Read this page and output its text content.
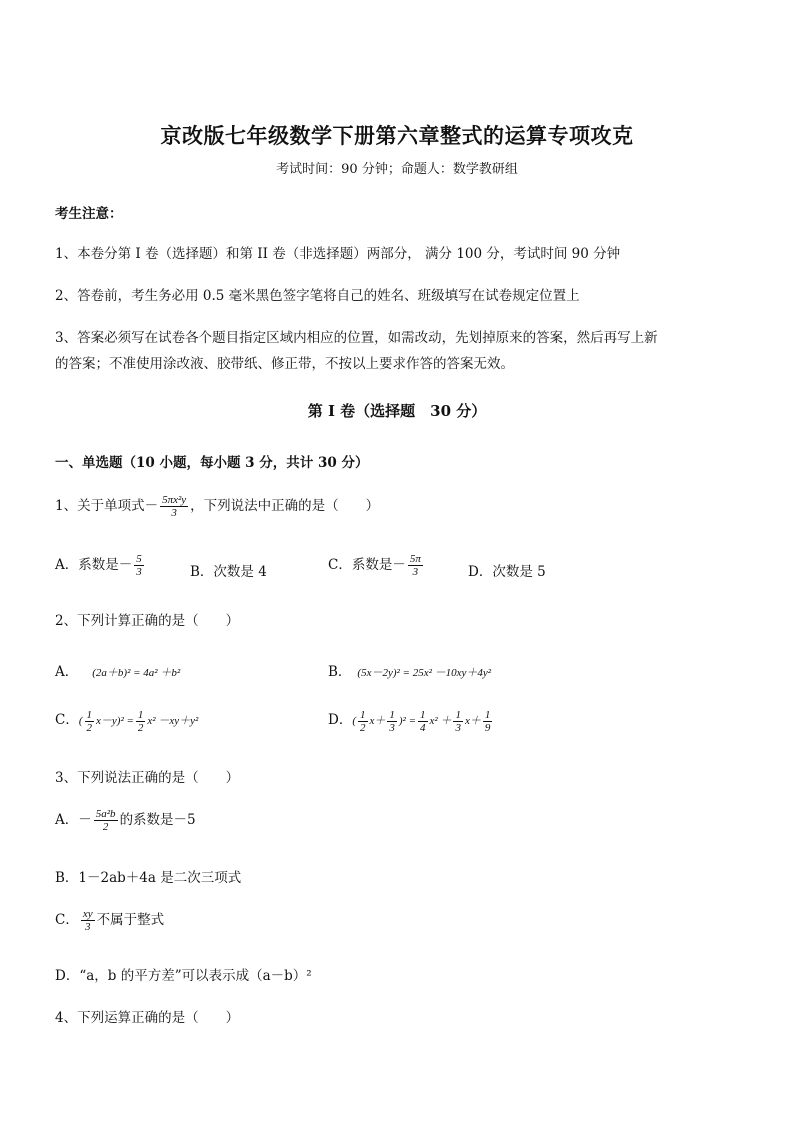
京改版七年级数学下册第六章整式的运算专项攻克
考试时间：90 分钟；命题人：数学教研组
考生注意：
1、本卷分第 I 卷（选择题）和第 II 卷（非选择题）两部分， 满分 100 分，考试时间 90 分钟
2、答卷前，考生务必用 0.5 毫米黑色签字笔将自己的姓名、班级填写在试卷规定位置上
3、答案必须写在试卷各个题目指定区域内相应的位置，如需改动，先划掉原来的答案，然后再写上新
的答案；不准使用涂改液、胶带纸、修正带，不按以上要求作答的答案无效。
第 I 卷（选择题　30 分）
一、单选题（10 小题，每小题 3 分，共计 30 分）
1、关于单项式－ $\frac{\text{5πx²y}}{3}$ ，下列说法中正确的是（　　）
A．系数是－ $\frac{5}{3}$	B．次数是 4	C．系数是－ $\frac{5\pi}{3}$	D．次数是 5
2、下列计算正确的是（　　）
A． (2a＋b)² = 4a² ＋b²	B． (5x－2y)² = 25x² －10xy＋4y²
C．( $\frac{1}{2} x-y)^2 = \frac{1}{2} x^2 -xy+y^2$	D．( $\frac{1}{2} x+ \frac{1}{3} )^2 = \frac{1}{4} x^2 + \frac{1}{3} x+ \frac{1}{9}$
3、下列说法正确的是（　　）
A．－ $\frac{\text{5a²b}}{2}$ 的系数是－5
B．1－2ab＋4a 是二次三项式
C． $\frac{xy}{3}$ 不属于整式
D．“a，b 的平方差”可以表示成（a－b）²
4、下列运算正确的是（　　）
